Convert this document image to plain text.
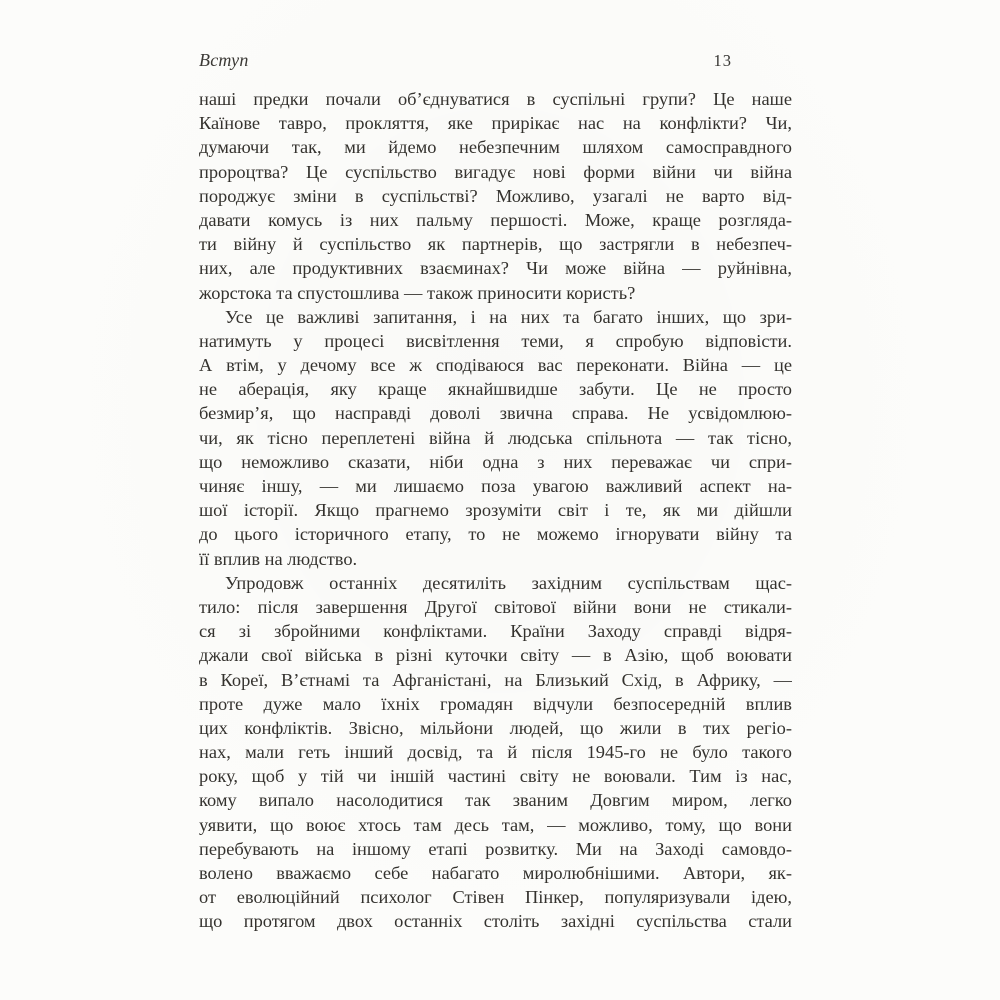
Вступ	13
наші предки почали об’єднуватися в суспільні групи? Це наше
Каїнове тавро, прокляття, яке прирікає нас на конфлікти? Чи,
думаючи так, ми йдемо небезпечним шляхом самосправдного
пророцтва? Це суспільство вигадує нові форми війни чи війна
породжує зміни в суспільстві? Можливо, узагалі не варто від-
давати комусь із них пальму першості. Може, краще розгляда-
ти війну й суспільство як партнерів, що застрягли в небезпеч-
них, але продуктивних взаєминах? Чи може війна — руйнівна,
жорстока та спустошлива — також приносити користь?
Усе це важливі запитання, і на них та багато інших, що зри-
натимуть у процесі висвітлення теми, я спробую відповісти.
А втім, у дечому все ж сподіваюся вас переконати. Війна — це
не аберація, яку краще якнайшвидше забути. Це не просто
безмир’я, що насправді доволі звична справа. Не усвідомлюю-
чи, як тісно переплетені війна й людська спільнота — так тісно,
що неможливо сказати, ніби одна з них переважає чи спри-
чиняє іншу, — ми лишаємо поза увагою важливий аспект на-
шої історії. Якщо прагнемо зрозуміти світ і те, як ми дійшли
до цього історичного етапу, то не можемо ігнорувати війну та
її вплив на людство.
Упродовж останніх десятиліть західним суспільствам щас-
тило: після завершення Другої світової війни вони не стикали-
ся зі збройними конфліктами. Країни Заходу справді відря-
джали свої війська в різні куточки світу — в Азію, щоб воювати
в Кореї, В’єтнамі та Афганістані, на Близький Схід, в Африку, —
проте дуже мало їхніх громадян відчули безпосередній вплив
цих конфліктів. Звісно, мільйони людей, що жили в тих регіо-
нах, мали геть інший досвід, та й після 1945-го не було такого
року, щоб у тій чи іншій частині світу не воювали. Тим із нас,
кому випало насолодитися так званим Довгим миром, легко
уявити, що воює хтось там десь там, — можливо, тому, що вони
перебувають на іншому етапі розвитку. Ми на Заході самовдо-
волено вважаємо себе набагато миролюбнішими. Автори, як-
от еволюційний психолог Стівен Пінкер, популяризували ідею,
що протягом двох останніх століть західні суспільства стали
